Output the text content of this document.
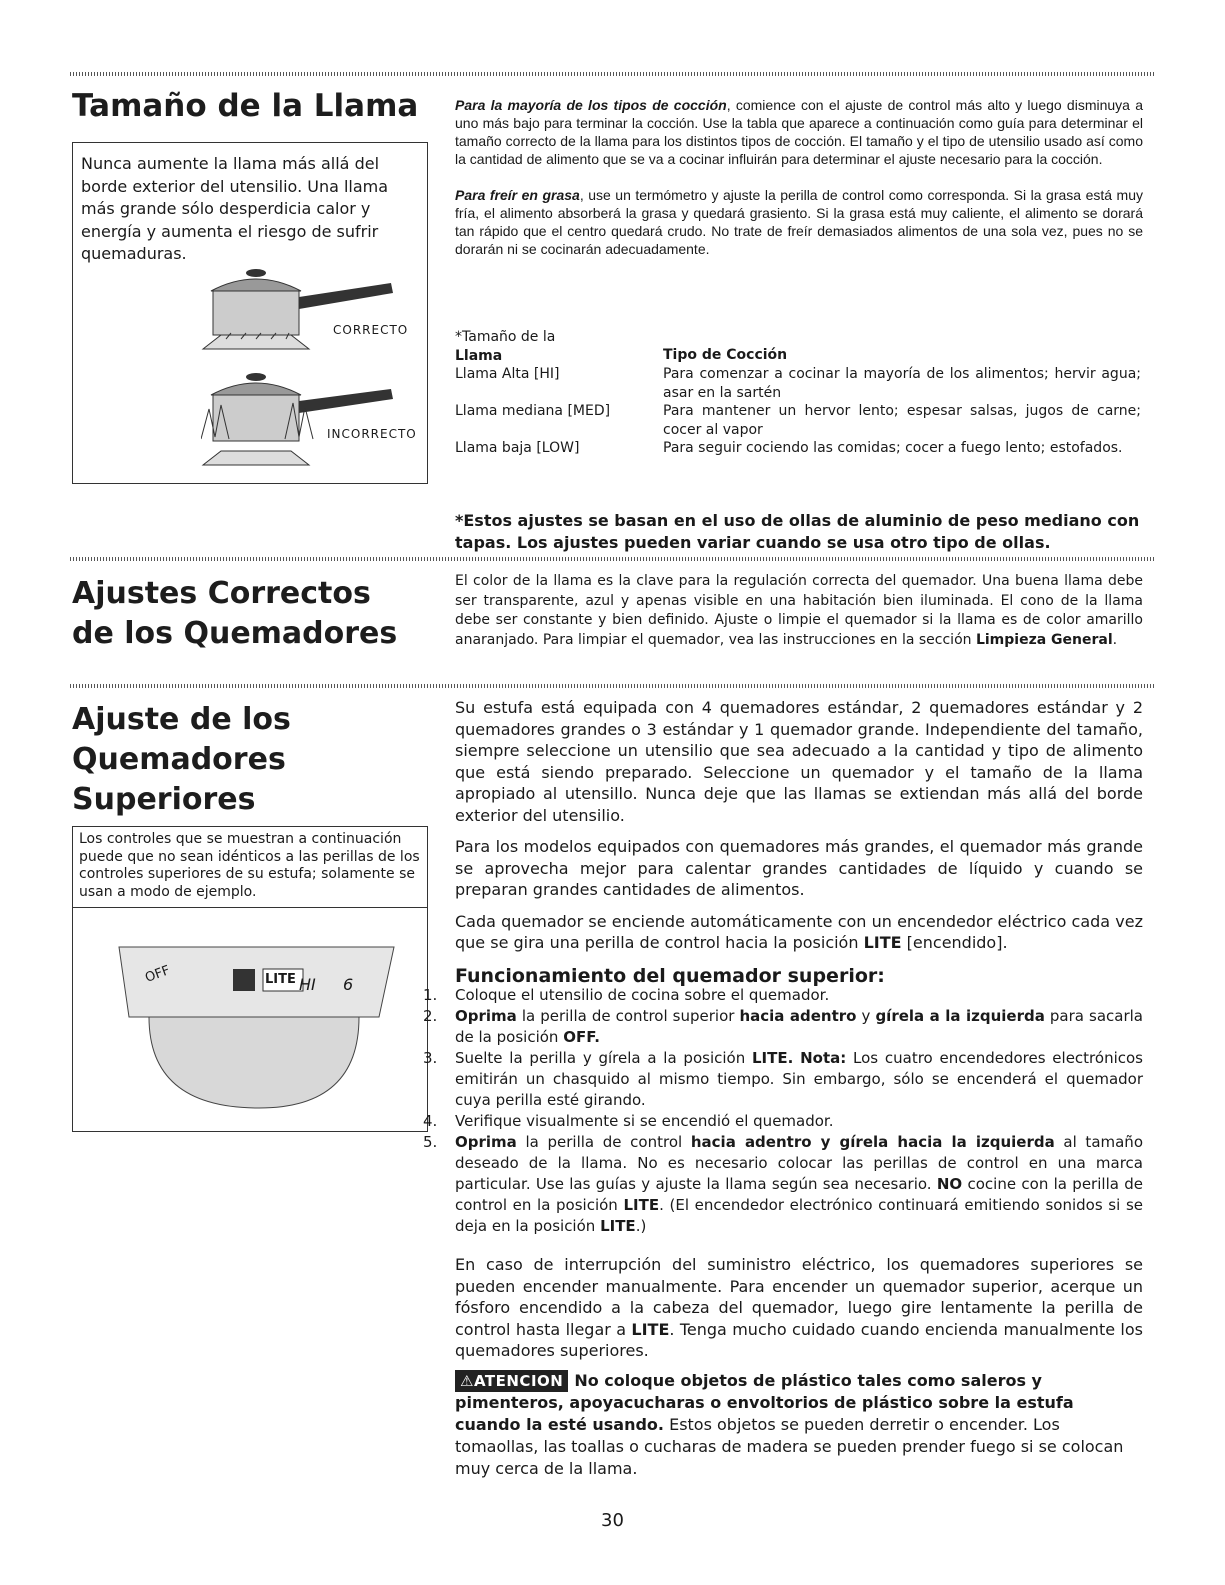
Tamaño de la Llama
Nunca aumente la llama más allá del borde exterior del utensilio. Una llama más grande sólo desperdicia calor y energía y aumenta el riesgo de sufrir quemaduras.
CORRECTO
INCORRECTO

Para la mayoría de los tipos de cocción, comience con el ajuste de control más alto y luego disminuya a uno más bajo para terminar la cocción. Use la tabla que aparece a continuación como guía para determinar el tamaño correcto de la llama para los distintos tipos de cocción. El tamaño y el tipo de utensilio usado así como la cantidad de alimento que se va a cocinar influirán para determinar el ajuste necesario para la cocción.

Para freír en grasa, use un termómetro y ajuste la perilla de control como corresponda. Si la grasa está muy fría, el alimento absorberá la grasa y quedará grasiento. Si la grasa está muy caliente, el alimento se dorará tan rápido que el centro quedará crudo. No trate de freír demasiados alimentos de una sola vez, pues no se dorarán ni se cocinarán adecuadamente.

*Tamaño de la
Llama	Tipo de Cocción
Llama Alta [HI]	Para comenzar a cocinar la mayoría de los alimentos; hervir agua; asar en la sartén
Llama mediana [MED]	Para mantener un hervor lento; espesar salsas, jugos de carne; cocer al vapor
Llama baja [LOW]	Para seguir cociendo las comidas; cocer a fuego lento; estofados.
*Estos ajustes se basan en el uso de ollas de aluminio de peso mediano con tapas. Los ajustes pueden variar cuando se usa otro tipo de ollas.
Ajustes Correctos de los Quemadores

El color de la llama es la clave para la regulación correcta del quemador. Una buena llama debe ser transparente, azul y apenas visible en una habitación bien iluminada. El cono de la llama debe ser constante y bien definido. Ajuste o limpie el quemador si la llama es de color amarillo anaranjado. Para limpiar el quemador, vea las instrucciones en la sección Limpieza General.

Ajuste de los
Quemadores
Superiores
Los controles que se muestran a continuación puede que no sean idénticos a las perillas de los controles superiores de su estufa; solamente se usan a modo de ejemplo.
OFF	LITE HI 6

Su estufa está equipada con 4 quemadores estándar, 2 quemadores estándar y 2 quemadores grandes o 3 estándar y 1 quemador grande. Independiente del tamaño, siempre seleccione un utensilio que sea adecuado a la cantidad y tipo de alimento que está siendo preparado. Seleccione un quemador y el tamaño de la llama apropiado al utensillo. Nunca deje que las llamas se extiendan más allá del borde exterior del utensilio.

Para los modelos equipados con quemadores más grandes, el quemador más grande se aprovecha mejor para calentar grandes cantidades de líquido y cuando se preparan grandes cantidades de alimentos.

Cada quemador se enciende automáticamente con un encendedor eléctrico cada vez que se gira una perilla de control hacia la posición LITE [encendido].

Funcionamiento del quemador superior:
1. Coloque el utensilio de cocina sobre el quemador.
2. Oprima la perilla de control superior hacia adentro y gírela a la izquierda para sacarla de la posición OFF.
3. Suelte la perilla y gírela a la posición LITE. Nota: Los cuatro encendedores electrónicos emitirán un chasquido al mismo tiempo. Sin embargo, sólo se encenderá el quemador cuya perilla esté girando.
4. Verifique visualmente si se encendió el quemador.
5. Oprima la perilla de control hacia adentro y gírela hacia la izquierda al tamaño deseado de la llama. No es necesario colocar las perillas de control en una marca particular. Use las guías y ajuste la llama según sea necesario. NO cocine con la perilla de control en la posición LITE. (El encendedor electrónico continuará emitiendo sonidos si se deja en la posición LITE.)

En caso de interrupción del suministro eléctrico, los quemadores superiores se pueden encender manualmente. Para encender un quemador superior, acerque un fósforo encendido a la cabeza del quemador, luego gire lentamente la perilla de control hasta llegar a LITE. Tenga mucho cuidado cuando encienda manualmente los quemadores superiores.

⚠ATENCION No coloque objetos de plástico tales como saleros y pimenteros, apoyacucharas o envoltorios de plástico sobre la estufa cuando la esté usando. Estos objetos se pueden derretir o encender. Los tomaollas, las toallas o cucharas de madera se pueden prender fuego si se colocan muy cerca de la llama.
30
